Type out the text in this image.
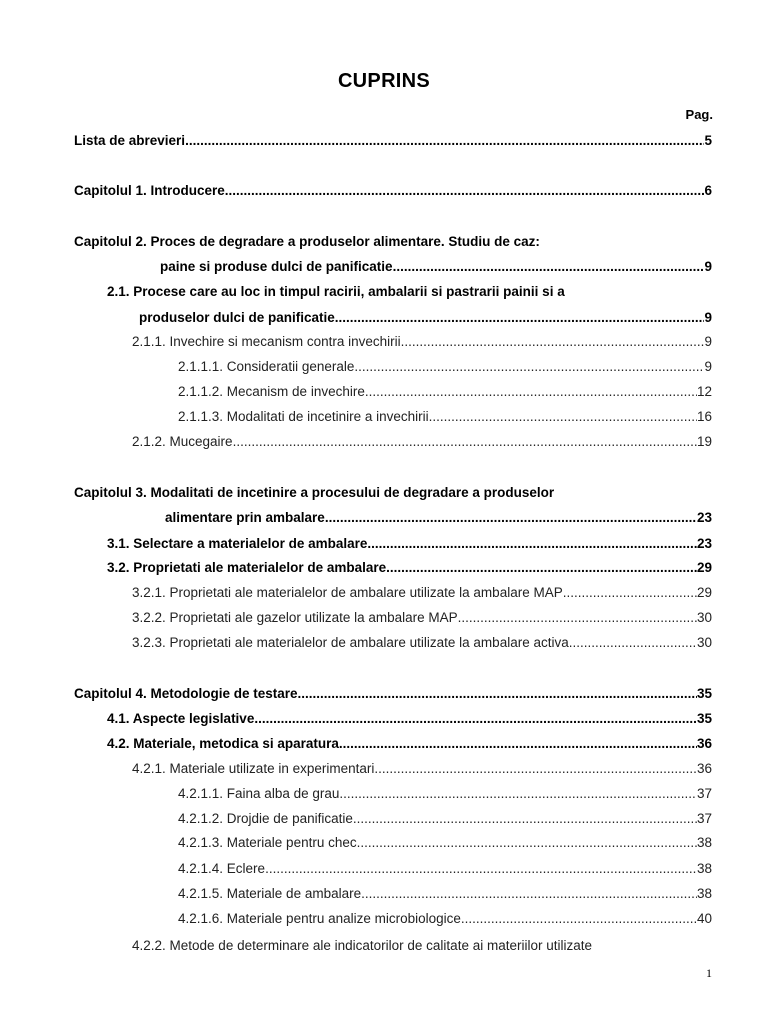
CUPRINS
Pag.
Lista de abrevieri .....	5
Capitolul 1. Introducere .....	6
Capitolul 2. Proces de degradare a produselor alimentare. Studiu de caz:
paine si produse dulci de panificatie .....	9
2.1. Procese care au loc in timpul racirii, ambalarii si pastrarii painii si a
produselor dulci de panificatie .....	9
2.1.1. Invechire si mecanism contra invechirii .....	9
2.1.1.1. Consideratii generale .....	9
2.1.1.2. Mecanism de invechire .....	12
2.1.1.3. Modalitati de incetinire a invechirii .....	16
2.1.2. Mucegaire .....	19
Capitolul 3. Modalitati de incetinire a procesului de degradare a produselor
alimentare prin ambalare .....	23
3.1. Selectare a materialelor de ambalare .....	23
3.2. Proprietati ale materialelor de ambalare .....	29
3.2.1. Proprietati ale materialelor de ambalare utilizate la ambalare MAP .....	29
3.2.2. Proprietati ale gazelor utilizate la ambalare MAP .....	30
3.2.3. Proprietati ale materialelor de ambalare utilizate la ambalare activa .....	30
Capitolul 4. Metodologie de testare .....	35
4.1. Aspecte legislative .....	35
4.2. Materiale, metodica si aparatura .....	36
4.2.1. Materiale utilizate in experimentari .....	36
4.2.1.1. Faina alba de grau .....	37
4.2.1.2. Drojdie de panificatie .....	37
4.2.1.3. Materiale pentru chec .....	38
4.2.1.4. Eclere .....	38
4.2.1.5. Materiale de ambalare .....	38
4.2.1.6. Materiale pentru analize microbiologice .....	40
4.2.2. Metode de determinare ale indicatorilor de calitate ai materiilor utilizate
1
